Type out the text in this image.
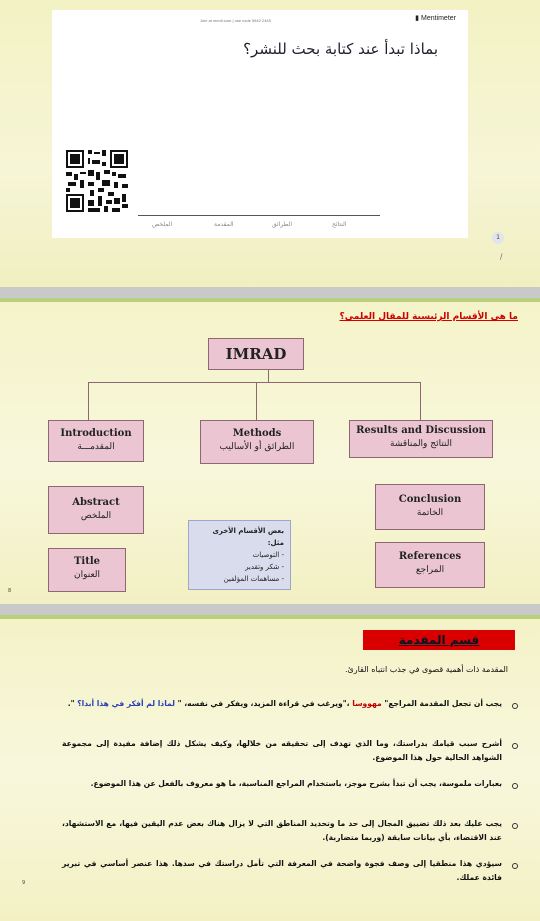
▮ Mentimeter
Join at menti.com | use code 5942 2445
بماذا تبدأ عند كتابة بحث للنشر؟
الملخص	المقدمة	الطرائق	النتائج
1
/
ما هي الأقسام الرئيسية للمقال العلمي؟
IMRAD
Introduction
المقدمـــة
Methods
الطرائق أو الأساليب
Results and Discussion
النتائج والمناقشة
Abstract
الملخص
Conclusion
الخاتمة
Title
العنوان
References
المراجع
بعض الأقسام الأخرى مثل:
- التوصيات
- شكر وتقدير
- مساهمات المؤلفين
8
قسم المقدمة
المقدمة ذات أهمية قصوى في جذب انتباه القارئ.
يجب أن تجعل المقدمة المراجع" مهووسا ،"ويرغب في قراءة المزيد، ويفكر في نفسه، " لماذا لم أفكر في هذا أبدا؟ ".
أشرح سبب قيامك بدراستك، وما الذي تهدف إلى تحقيقه من خلالها، وكيف يشكل ذلك إضافة مفيدة إلى مجموعة الشواهد الحالية حول هذا الموضوع.
بعبارات ملموسة، يجب أن تبدأ بشرح موجز، باستخدام المراجع المناسبة، ما هو معروف بالفعل عن هذا الموضوع.
يجب عليك بعد ذلك تضييق المجال إلى حد ما وتحديد المناطق التي لا يزال هناك بعض عدم اليقين فيها، مع الاستشهاد، عند الاقتضاء، بأي بيانات سابقة (وربما متضاربة).
سيؤدي هذا منطقيا إلى وصف فجوة واضحة في المعرفة التي تأمل دراستك في سدها. هذا عنصر أساسي في تبرير فائدة عملك.
9
